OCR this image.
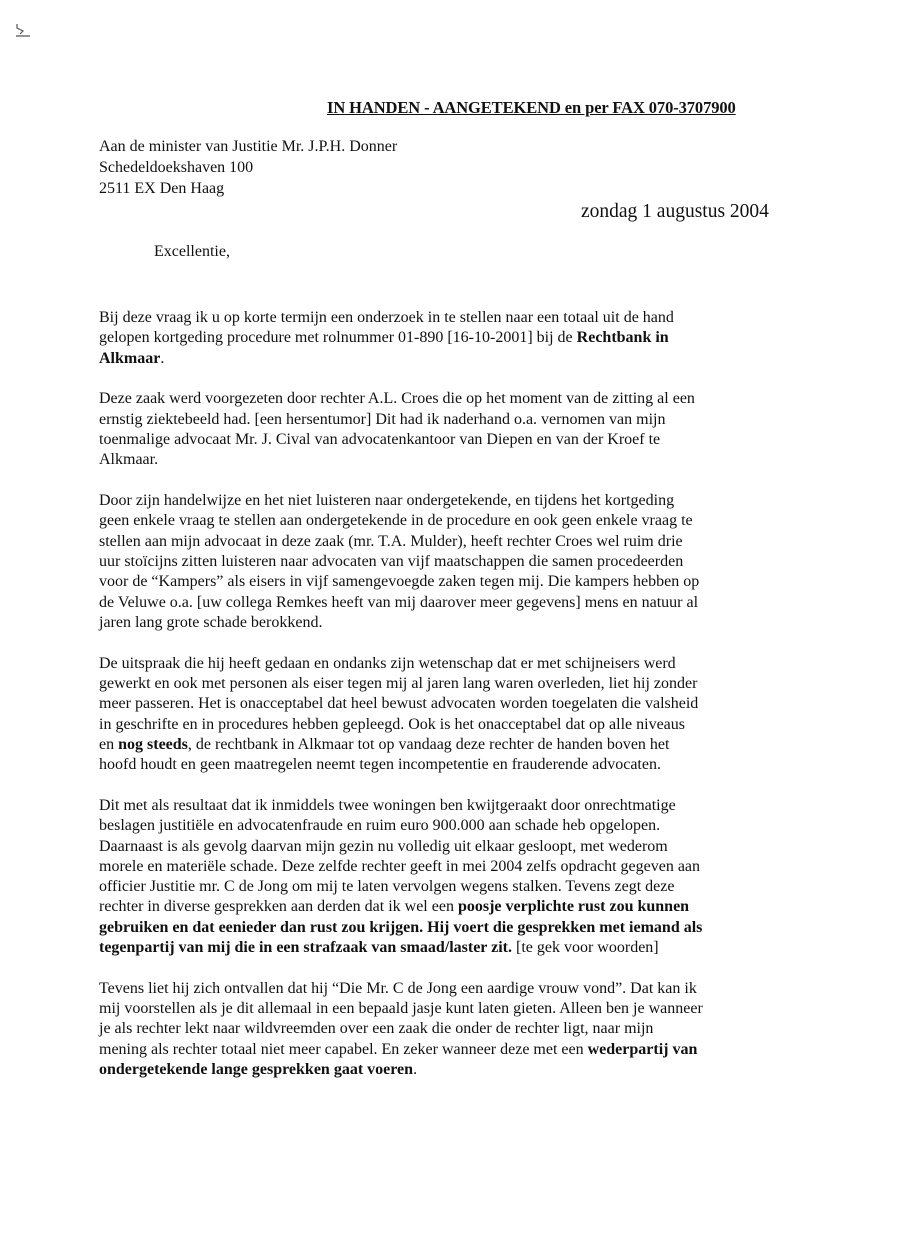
IN HANDEN - AANGETEKEND en per FAX 070-3707900
Aan de minister van Justitie Mr. J.P.H. Donner
Schedeldoekshaven 100
2511 EX Den Haag
zondag 1 augustus 2004
Excellentie,

Bij deze vraag ik u op korte termijn een onderzoek in te stellen naar een totaal uit de hand
gelopen kortgeding procedure met rolnummer 01-890 [16-10-2001] bij de Rechtbank in
Alkmaar.

Deze zaak werd voorgezeten door rechter A.L. Croes die op het moment van de zitting al een
ernstig ziektebeeld had. [een hersentumor] Dit had ik naderhand o.a. vernomen van mijn
toenmalige advocaat Mr. J. Cival van advocatenkantoor van Diepen en van der Kroef te
Alkmaar.

Door zijn handelwijze en het niet luisteren naar ondergetekende, en tijdens het kortgeding
geen enkele vraag te stellen aan ondergetekende in de procedure en ook geen enkele vraag te
stellen aan mijn advocaat in deze zaak (mr. T.A. Mulder), heeft rechter Croes wel ruim drie
uur stoïcijns zitten luisteren naar advocaten van vijf maatschappen die samen procedeerden
voor de “Kampers” als eisers in vijf samengevoegde zaken tegen mij. Die kampers hebben op
de Veluwe o.a. [uw collega Remkes heeft van mij daarover meer gegevens] mens en natuur al
jaren lang grote schade berokkend.

De uitspraak die hij heeft gedaan en ondanks zijn wetenschap dat er met schijneisers werd
gewerkt en ook met personen als eiser tegen mij al jaren lang waren overleden, liet hij zonder
meer passeren. Het is onacceptabel dat heel bewust advocaten worden toegelaten die valsheid
in geschrifte en in procedures hebben gepleegd. Ook is het onacceptabel dat op alle niveaus
en nog steeds, de rechtbank in Alkmaar tot op vandaag deze rechter de handen boven het
hoofd houdt en geen maatregelen neemt tegen incompetentie en frauderende advocaten.

Dit met als resultaat dat ik inmiddels twee woningen ben kwijtgeraakt door onrechtmatige
beslagen justitiële en advocatenfraude en ruim euro 900.000 aan schade heb opgelopen.
Daarnaast is als gevolg daarvan mijn gezin nu volledig uit elkaar gesloopt, met wederom
morele en materiële schade. Deze zelfde rechter geeft in mei 2004 zelfs opdracht gegeven aan
officier Justitie mr. C de Jong om mij te laten vervolgen wegens stalken. Tevens zegt deze
rechter in diverse gesprekken aan derden dat ik wel een poosje verplichte rust zou kunnen
gebruiken en dat eenieder dan rust zou krijgen. Hij voert die gesprekken met iemand als
tegenpartij van mij die in een strafzaak van smaad/laster zit. [te gek voor woorden]

Tevens liet hij zich ontvallen dat hij “Die Mr. C de Jong een aardige vrouw vond”. Dat kan ik
mij voorstellen als je dit allemaal in een bepaald jasje kunt laten gieten. Alleen ben je wanneer
je als rechter lekt naar wildvreemden over een zaak die onder de rechter ligt, naar mijn
mening als rechter totaal niet meer capabel. En zeker wanneer deze met een wederpartij van
ondergetekende lange gesprekken gaat voeren.
